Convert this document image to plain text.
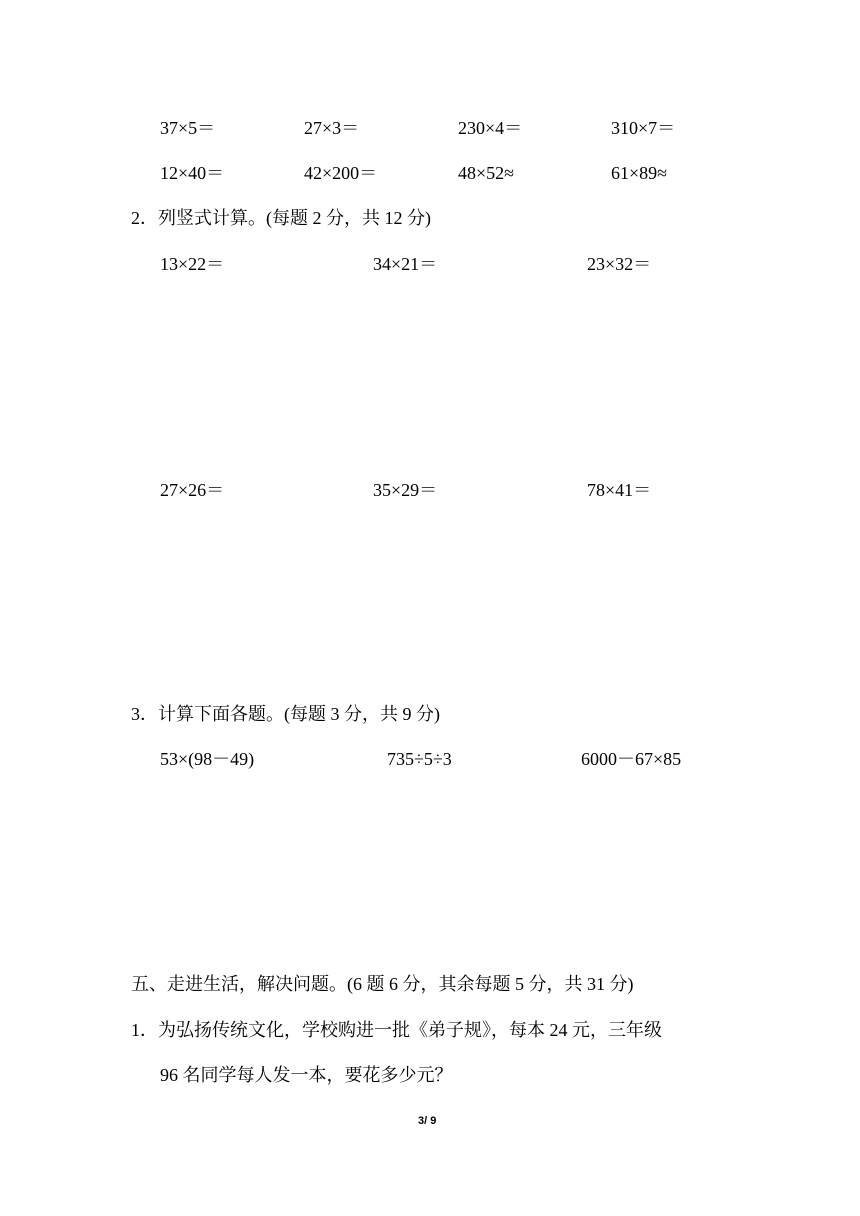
37×5＝	27×3＝	230×4＝	310×7＝
12×40＝	42×200＝	48×52≈	61×89≈
2．列竖式计算。(每题 2 分，共 12 分)
13×22＝	34×21＝	23×32＝
27×26＝	35×29＝	78×41＝
3．计算下面各题。(每题 3 分，共 9 分)
53×(98－49)	735÷5÷3	6000－67×85
五、走进生活，解决问题。(6 题 6 分，其余每题 5 分，共 31 分)
1．为弘扬传统文化，学校购进一批《弟子规》，每本 24 元，三年级
96 名同学每人发一本，要花多少元？
3/ 9
